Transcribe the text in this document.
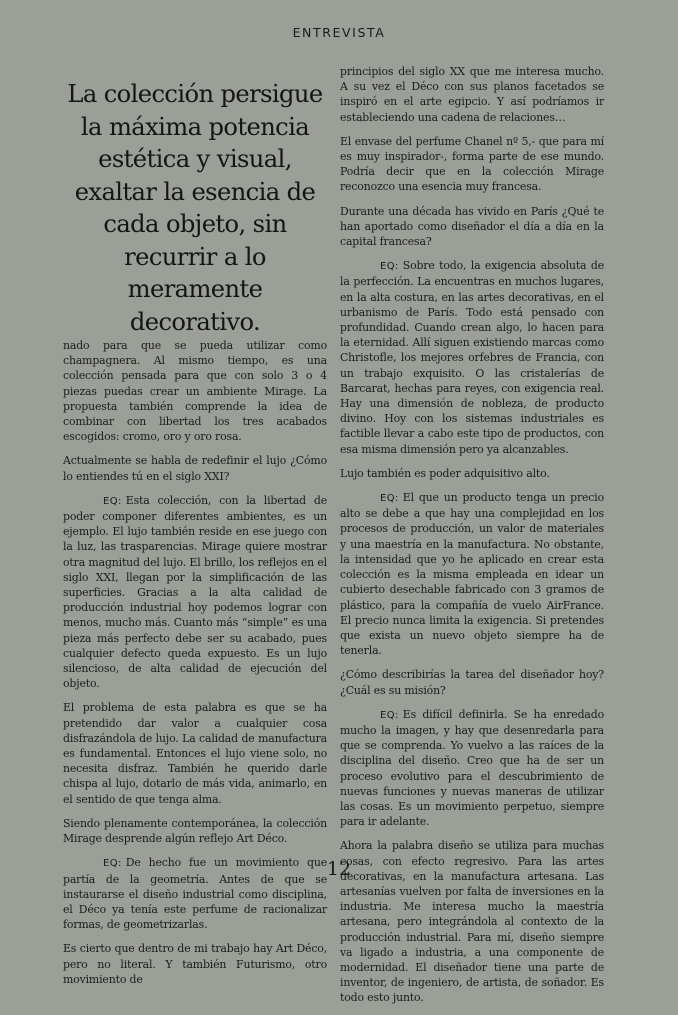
ENTREVISTA
La colección persigue la máxima potencia estética y visual, exaltar la esencia de cada objeto, sin recurrir a lo meramente decorativo.

nado para que se pueda utilizar como champagnera. Al mismo tiempo, es una colección pensada para que con solo 3 o 4 piezas puedas crear un ambiente Mirage. La propuesta también comprende la idea de combinar con libertad los tres acabados escogidos: cromo, oro y oro rosa.

Actualmente se habla de redefinir el lujo ¿Cómo lo entiendes tú en el siglo XXI?

EQ: Esta colección, con la libertad de poder componer diferentes ambientes, es un ejemplo. El lujo también reside en ese juego con la luz, las trasparencias. Mirage quiere mostrar otra magnitud del lujo. El brillo, los reflejos en el siglo XXI, llegan por la simplificación de las superficies. Gracias a la alta calidad de producción industrial hoy podemos lograr con menos, mucho más. Cuanto más “simple” es una pieza más perfecto debe ser su acabado, pues cualquier defecto queda expuesto. Es un lujo silencioso, de alta calidad de ejecución del objeto.

El problema de esta palabra es que se ha pretendido dar valor a cualquier cosa disfrazándola de lujo. La calidad de manufactura es fundamental. Entonces el lujo viene solo, no necesita disfraz. También he querido darle chispa al lujo, dotarlo de más vida, animarlo, en el sentido de que tenga alma.

Siendo plenamente contemporánea, la colección Mirage desprende algún reflejo Art Déco.

EQ: De hecho fue un movimiento que partía de la geometría. Antes de que se instaurarse el diseño industrial como disciplina, el Déco ya tenía este perfume de racionalizar formas, de geometrizarlas.

Es cierto que dentro de mi trabajo hay Art Déco, pero no literal. Y también Futurismo, otro movimiento de

principios del siglo XX que me interesa mucho. A su vez el Déco con sus planos facetados se inspiró en el arte egipcio. Y así podríamos ir estableciendo una cadena de relaciones…

El envase del perfume Chanel nº 5,- que para mí es muy inspirador-, forma parte de ese mundo. Podría decir que en la colección Mirage reconozco una esencia muy francesa.

Durante una década has vivido en París ¿Qué te han aportado como diseñador el día a día en la capital francesa?

EQ: Sobre todo, la exigencia absoluta de la perfección. La encuentras en muchos lugares, en la alta costura, en las artes decorativas, en el urbanismo de París. Todo está pensado con profundidad. Cuando crean algo, lo hacen para la eternidad. Allí siguen existiendo marcas como Christofle, los mejores orfebres de Francia, con un trabajo exquisito. O las cristalerías de Barcarat, hechas para reyes, con exigencia real. Hay una dimensión de nobleza, de producto divino. Hoy con los sistemas industriales es factible llevar a cabo este tipo de productos, con esa misma dimensión pero ya alcanzables.

Lujo también es poder adquisitivo alto.

EQ: El que un producto tenga un precio alto se debe a que hay una complejidad en los procesos de producción, un valor de materiales y una maestría en la manufactura. No obstante, la intensidad que yo he aplicado en crear esta colección es la misma empleada en idear un cubierto desechable fabricado con 3 gramos de plástico, para la compañía de vuelo AirFrance. El precio nunca limita la exigencia. Si pretendes que exista un nuevo objeto siempre ha de tenerla.

¿Cómo describirías la tarea del diseñador hoy? ¿Cuál es su misión?

EQ: Es difícil definirla. Se ha enredado mucho la imagen, y hay que desenredarla para que se comprenda. Yo vuelvo a las raíces de la disciplina del diseño. Creo que ha de ser un proceso evolutivo para el descubrimiento de nuevas funciones y nuevas maneras de utilizar las cosas. Es un movimiento perpetuo, siempre para ir adelante.

Ahora la palabra diseño se utiliza para muchas cosas, con efecto regresivo. Para las artes decorativas, en la manufactura artesana. Las artesanías vuelven por falta de inversiones en la industria. Me interesa mucho la maestría artesana, pero integrándola al contexto de la producción industrial. Para mí, diseño siempre va ligado a industria, a una componente de modernidad. El diseñador tiene una parte de inventor, de ingeniero, de artista, de soñador. Es todo esto junto.

12
